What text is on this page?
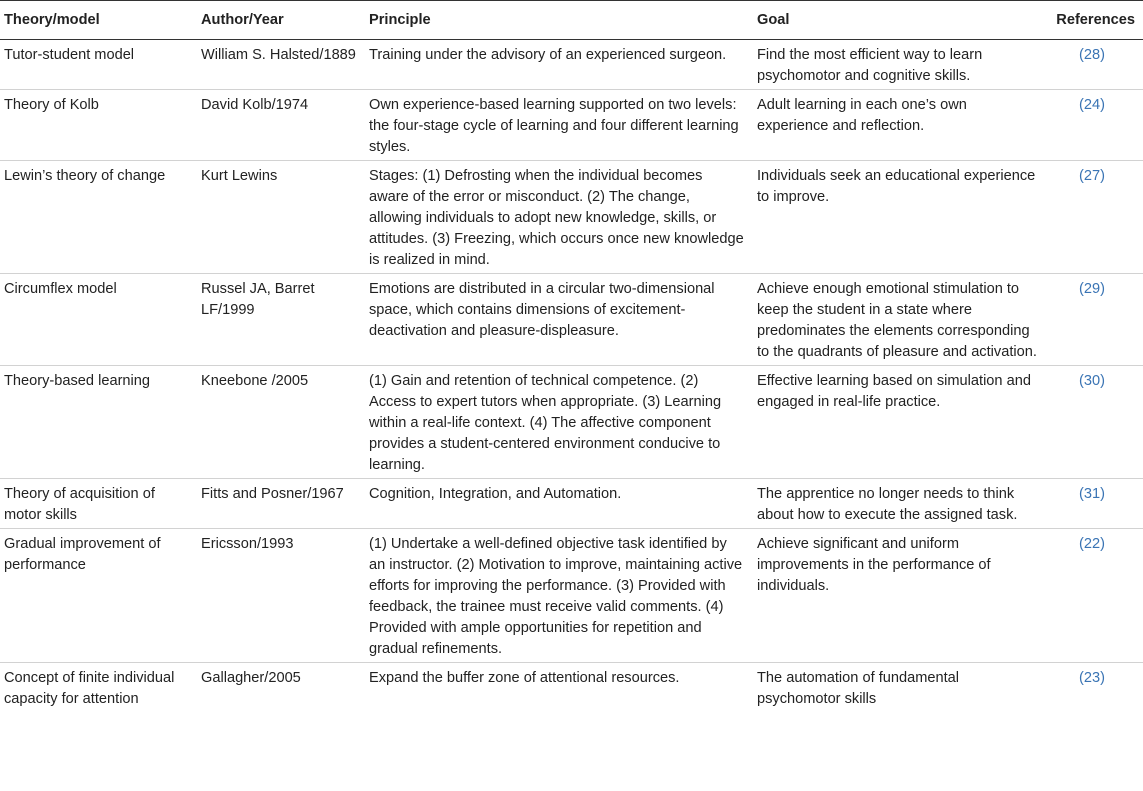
Theory/model	Author/Year	Principle	Goal	References
Tutor-student model	William S. Halsted/1889	Training under the advisory of an experienced surgeon.	Find the most efficient way to learn psychomotor and cognitive skills.	(28)
Theory of Kolb	David Kolb/1974	Own experience-based learning supported on two levels: the four-stage cycle of learning and four different learning styles.	Adult learning in each one’s own experience and reflection.	(24)
Lewin’s theory of change	Kurt Lewins	Stages: (1) Defrosting when the individual becomes aware of the error or misconduct. (2) The change, allowing individuals to adopt new knowledge, skills, or attitudes. (3) Freezing, which occurs once new knowledge is realized in mind.	Individuals seek an educational experience to improve.	(27)
Circumflex model	Russel JA, Barret LF/1999	Emotions are distributed in a circular two-dimensional space, which contains dimensions of excitement-deactivation and pleasure-displeasure.	Achieve enough emotional stimulation to keep the student in a state where predominates the elements corresponding to the quadrants of pleasure and activation.	(29)
Theory-based learning	Kneebone /2005	(1) Gain and retention of technical competence. (2) Access to expert tutors when appropriate. (3) Learning within a real-life context. (4) The affective component provides a student-centered environment conducive to learning.	Effective learning based on simulation and engaged in real-life practice.	(30)
Theory of acquisition of motor skills	Fitts and Posner/1967	Cognition, Integration, and Automation.	The apprentice no longer needs to think about how to execute the assigned task.	(31)
Gradual improvement of performance	Ericsson/1993	(1) Undertake a well-defined objective task identified by an instructor. (2) Motivation to improve, maintaining active efforts for improving the performance. (3) Provided with feedback, the trainee must receive valid comments. (4) Provided with ample opportunities for repetition and gradual refinements.	Achieve significant and uniform improvements in the performance of individuals.	(22)
Concept of finite individual capacity for attention	Gallagher/2005	Expand the buffer zone of attentional resources.	The automation of fundamental psychomotor skills	(23)
